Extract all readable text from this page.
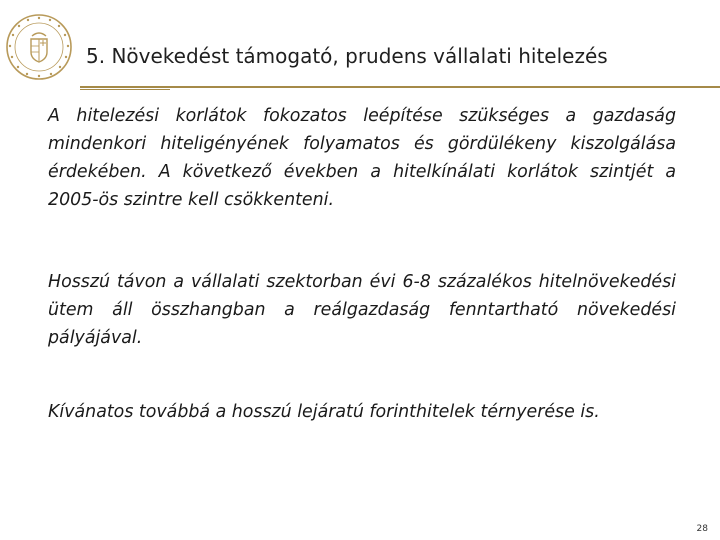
5. Növekedést támogató, prudens vállalati hitelezés

A hitelezési korlátok fokozatos leépítése szükséges a gazdaság mindenkori hiteligényének folyamatos és gördülékeny kiszolgálása érdekében. A következő években a hitelkínálati korlátok szintjét a 2005-ös szintre kell csökkenteni.

Hosszú távon a vállalati szektorban évi 6-8 százalékos hitelnövekedési ütem áll összhangban a reálgazdaság fenntartható növekedési pályájával.

Kívánatos továbbá a hosszú lejáratú forinthitelek térnyerése is.

28
